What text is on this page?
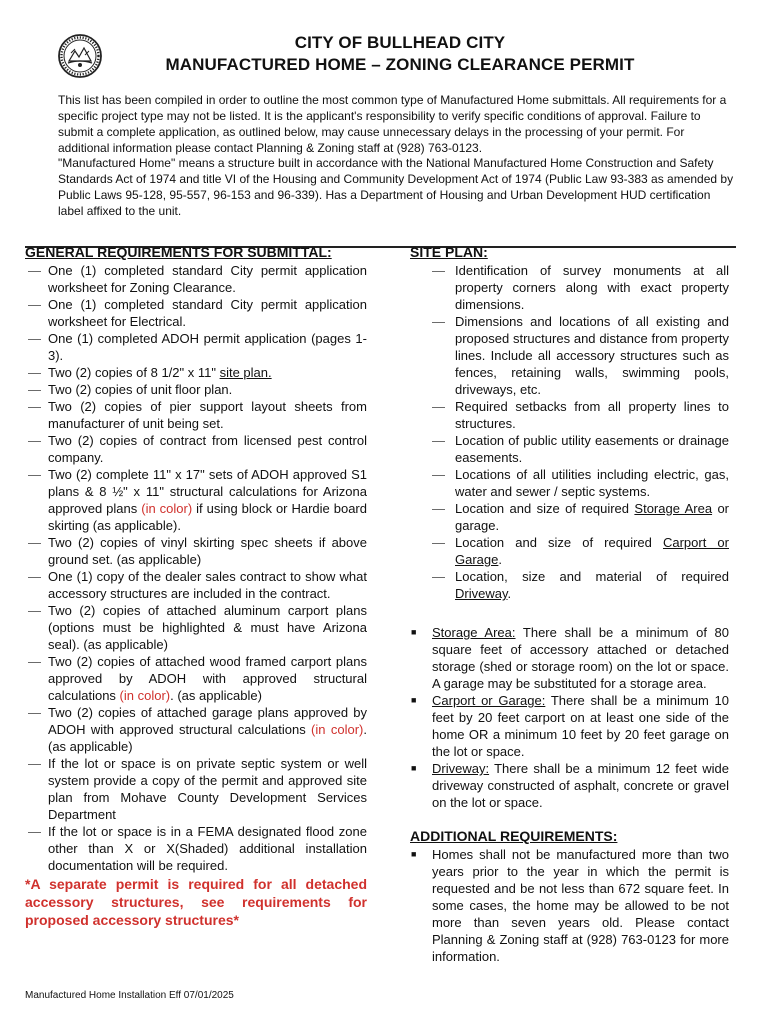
CITY OF BULLHEAD CITY
MANUFACTURED HOME – ZONING CLEARANCE PERMIT
This list has been compiled in order to outline the most common type of Manufactured Home submittals. All requirements for a specific project type may not be listed. It is the applicant's responsibility to verify specific conditions of approval. Failure to submit a complete application, as outlined below, may cause unnecessary delays in the processing of your permit. For additional information please contact Planning & Zoning staff at (928) 763-0123.
"Manufactured Home" means a structure built in accordance with the National Manufactured Home Construction and Safety Standards Act of 1974 and title VI of the Housing and Community Development Act of 1974 (Public Law 93-383 as amended by Public Laws 95-128, 95-557, 96-153 and 96-339). Has a Department of Housing and Urban Development HUD certification label affixed to the unit.
GENERAL REQUIREMENTS FOR SUBMITTAL:
— One (1) completed standard City permit application worksheet for Zoning Clearance.
— One (1) completed standard City permit application worksheet for Electrical.
— One (1) completed ADOH permit application (pages 1-3).
— Two (2) copies of 8 1/2" x 11" site plan.
— Two (2) copies of unit floor plan.
— Two (2) copies of pier support layout sheets from manufacturer of unit being set.
— Two (2) copies of contract from licensed pest control company.
— Two (2) complete 11" x 17" sets of ADOH approved S1 plans & 8 ½" x 11" structural calculations for Arizona approved plans (in color) if using block or Hardie board skirting (as applicable).
— Two (2) copies of vinyl skirting spec sheets if above ground set. (as applicable)
— One (1) copy of the dealer sales contract to show what accessory structures are included in the contract.
— Two (2) copies of attached aluminum carport plans (options must be highlighted & must have Arizona seal). (as applicable)
— Two (2) copies of attached wood framed carport plans approved by ADOH with approved structural calculations (in color). (as applicable)
— Two (2) copies of attached garage plans approved by ADOH with approved structural calculations (in color). (as applicable)
— If the lot or space is on private septic system or well system provide a copy of the permit and approved site plan from Mohave County Development Services Department
— If the lot or space is in a FEMA designated flood zone other than X or X(Shaded) additional installation documentation will be required.
*A separate permit is required for all detached accessory structures, see requirements for proposed accessory structures*
SITE PLAN:
— Identification of survey monuments at all property corners along with exact property dimensions.
— Dimensions and locations of all existing and proposed structures and distance from property lines. Include all accessory structures such as fences, retaining walls, swimming pools, driveways, etc.
— Required setbacks from all property lines to structures.
— Location of public utility easements or drainage easements.
— Locations of all utilities including electric, gas, water and sewer / septic systems.
— Location and size of required Storage Area or garage.
— Location and size of required Carport or Garage.
— Location, size and material of required Driveway.
■ Storage Area: There shall be a minimum of 80 square feet of accessory attached or detached storage (shed or storage room) on the lot or space. A garage may be substituted for a storage area.
■ Carport or Garage: There shall be a minimum 10 feet by 20 feet carport on at least one side of the home OR a minimum 10 feet by 20 feet garage on the lot or space.
■ Driveway: There shall be a minimum 12 feet wide driveway constructed of asphalt, concrete or gravel on the lot or space.
ADDITIONAL REQUIREMENTS:
■ Homes shall not be manufactured more than two years prior to the year in which the permit is requested and be not less than 672 square feet. In some cases, the home may be allowed to be not more than seven years old. Please contact Planning & Zoning staff at (928) 763-0123 for more information.
Manufactured Home Installation Eff 07/01/2025
